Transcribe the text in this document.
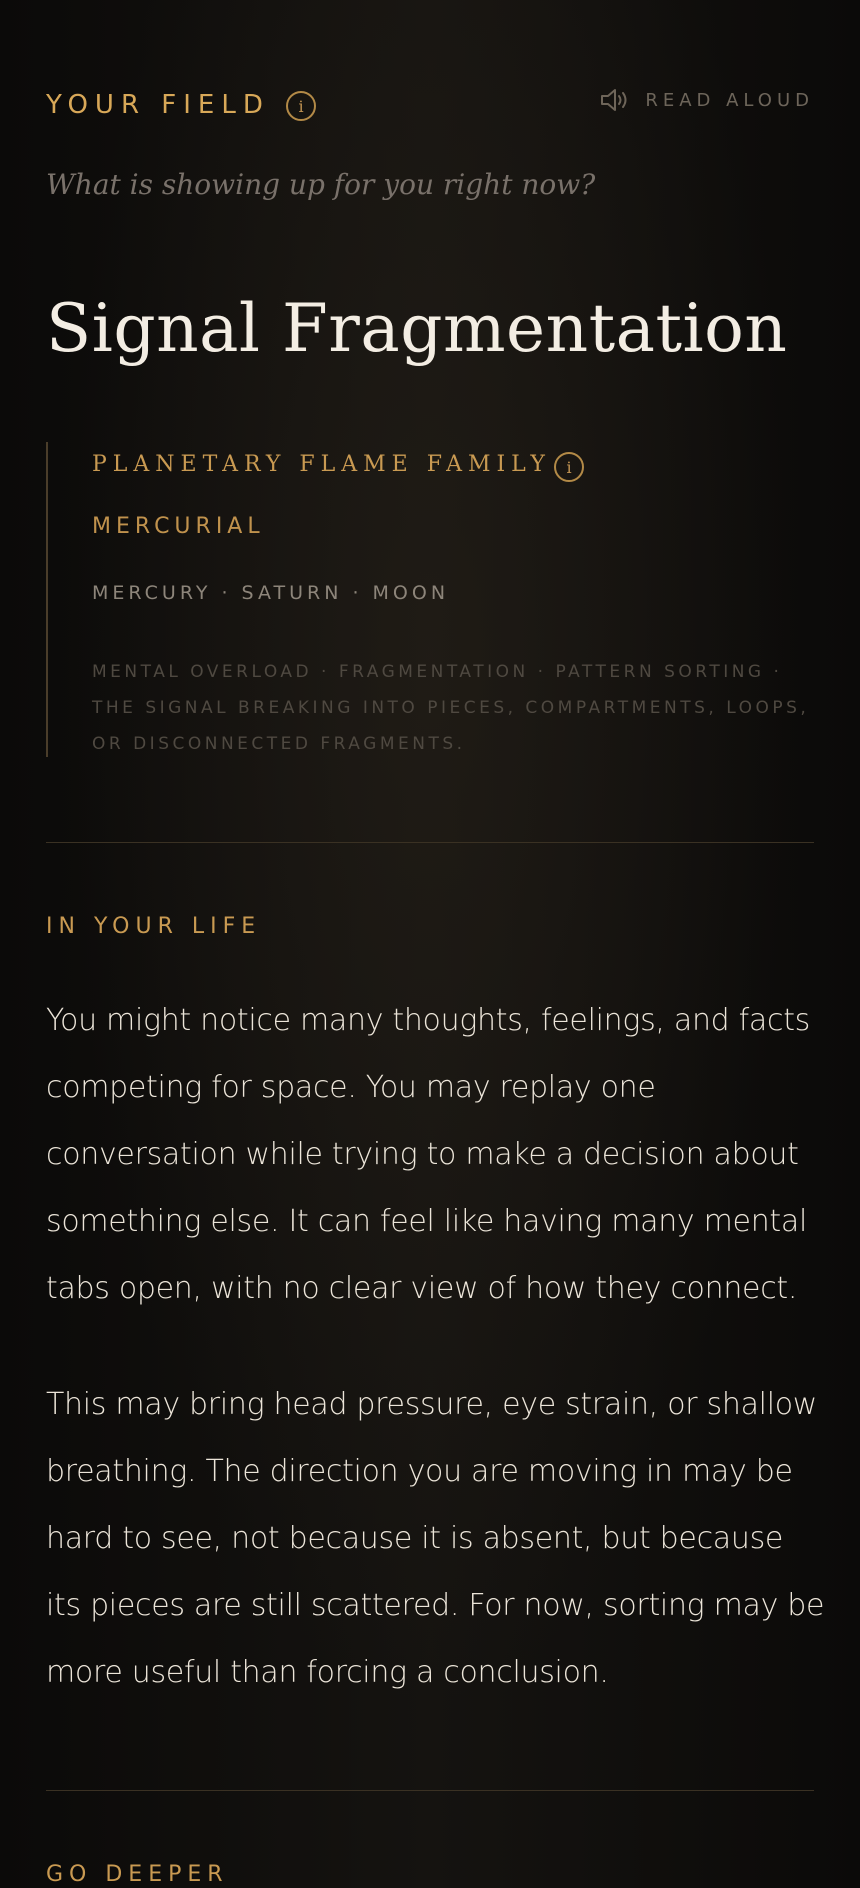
YOUR FIELD	i	READ ALOUD

What is showing up for you right now?

Signal Fragmentation
PLANETARY FLAME FAMILY i
MERCURIAL
MERCURY · SATURN · MOON
MENTAL OVERLOAD · FRAGMENTATION · PATTERN SORTING · THE SIGNAL BREAKING INTO PIECES, COMPARTMENTS, LOOPS, OR DISCONNECTED FRAGMENTS.
IN YOUR LIFE

You might notice many thoughts, feelings, and facts competing for space. You may replay one conversation while trying to make a decision about something else. It can feel like having many mental tabs open, with no clear view of how they connect.

This may bring head pressure, eye strain, or shallow breathing. The direction you are moving in may be hard to see, not because it is absent, but because its pieces are still scattered. For now, sorting may be more useful than forcing a conclusion.

GO DEEPER
